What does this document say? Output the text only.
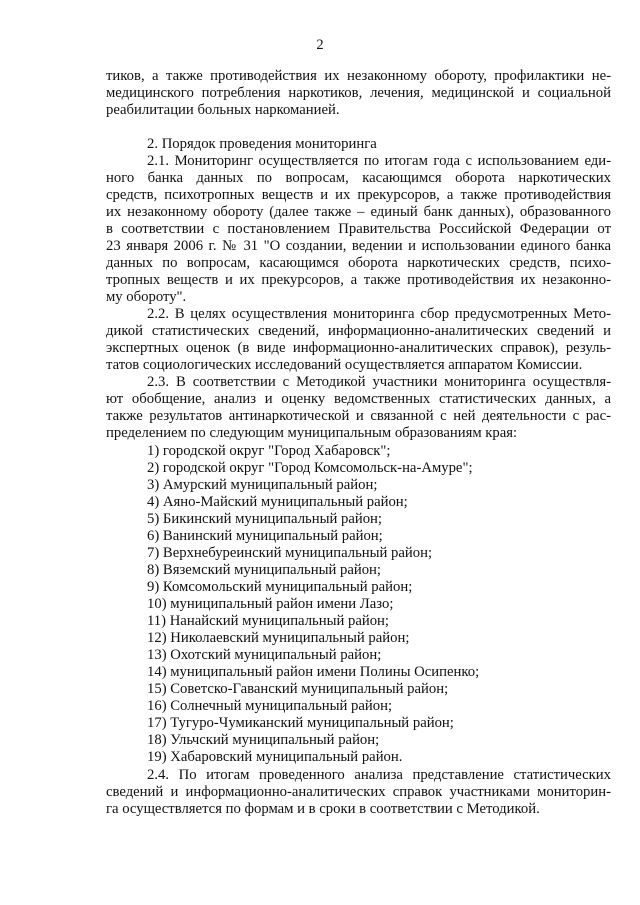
2
тиков, а также противодействия их незаконному обороту, профилактики не-
медицинского потребления наркотиков, лечения, медицинской и социальной
реабилитации больных наркоманией.
2. Порядок проведения мониторинга
2.1. Мониторинг осуществляется по итогам года с использованием еди-
ного банка данных по вопросам, касающимся оборота наркотических
средств, психотропных веществ и их прекурсоров, а также противодействия
их незаконному обороту (далее также – единый банк данных), образованного
в соответствии с постановлением Правительства Российской Федерации от
23 января 2006 г. № 31 "О создании, ведении и использовании единого банка
данных по вопросам, касающимся оборота наркотических средств, психо-
тропных веществ и их прекурсоров, а также противодействия их незаконно-
му обороту".
2.2. В целях осуществления мониторинга сбор предусмотренных Мето-
дикой статистических сведений, информационно-аналитических сведений и
экспертных оценок (в виде информационно-аналитических справок), резуль-
татов социологических исследований осуществляется аппаратом Комиссии.
2.3. В соответствии с Методикой участники мониторинга осуществля-
ют обобщение, анализ и оценку ведомственных статистических данных, а
также результатов антинаркотической и связанной с ней деятельности с рас-
пределением по следующим муниципальным образованиям края:
1) городской округ "Город Хабаровск";
2) городской округ "Город Комсомольск-на-Амуре";
3) Амурский муниципальный район;
4) Аяно-Майский муниципальный район;
5) Бикинский муниципальный район;
6) Ванинский муниципальный район;
7) Верхнебуреинский муниципальный район;
8) Вяземский муниципальный район;
9) Комсомольский муниципальный район;
10) муниципальный район имени Лазо;
11) Нанайский муниципальный район;
12) Николаевский муниципальный район;
13) Охотский муниципальный район;
14) муниципальный район имени Полины Осипенко;
15) Советско-Гаванский муниципальный район;
16) Солнечный муниципальный район;
17) Тугуро-Чумиканский муниципальный район;
18) Ульчский муниципальный район;
19) Хабаровский муниципальный район.
2.4. По итогам проведенного анализа представление статистических
сведений и информационно-аналитических справок участниками мониторин-
га осуществляется по формам и в сроки в соответствии с Методикой.
